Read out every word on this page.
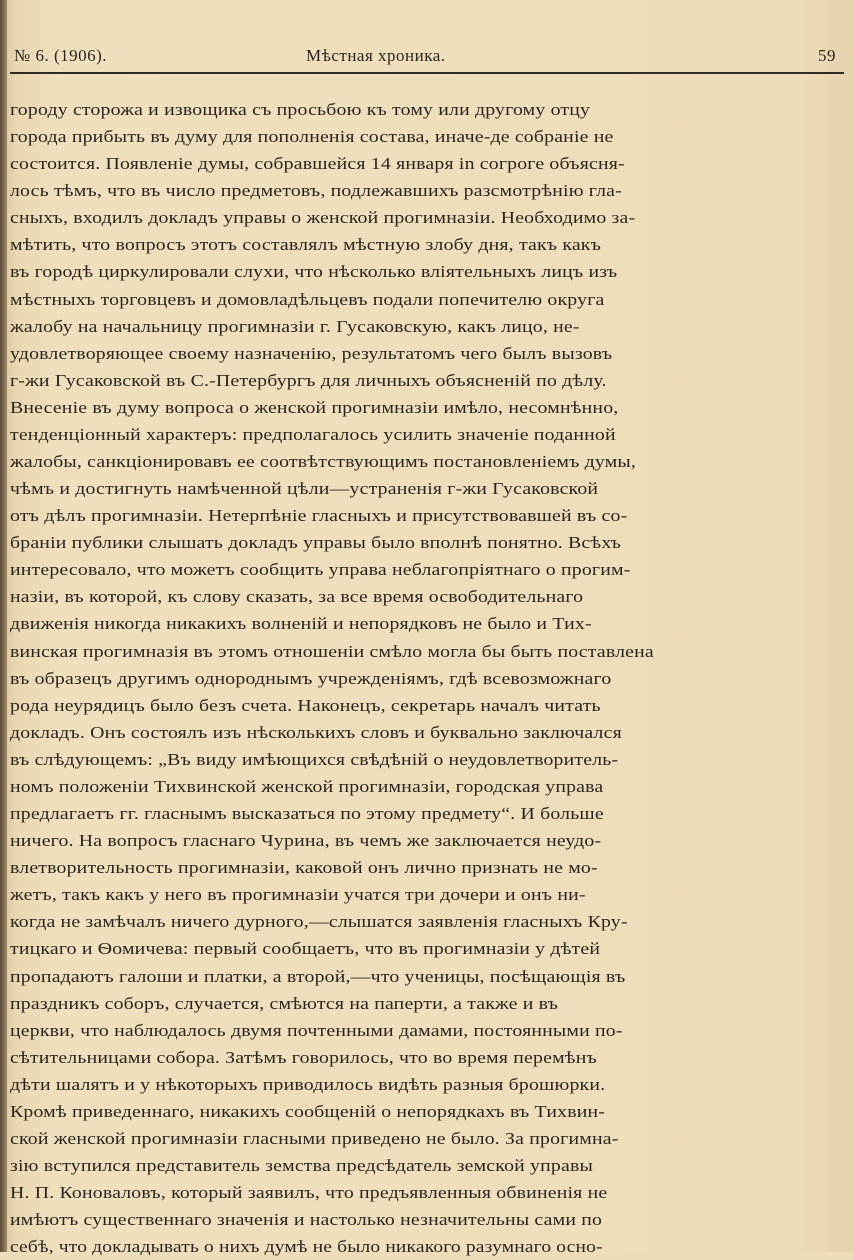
№ 6. (1906).	Мѣстная хроника.	59
городу сторожа и извощика съ просьбою къ тому или другому отцу
города прибыть въ думу для пополненія состава, иначе-де собраніе не
состоится. Появленіе думы, собравшейся 14 января in согроге объясня-
лось тѣмъ, что въ число предметовъ, подлежавшихъ разсмотрѣнію гла-
сныхъ, входилъ докладъ управы о женской прогимназіи. Необходимо за-
мѣтить, что вопросъ этотъ составлялъ мѣстную злобу дня, такъ какъ
въ городѣ циркулировали слухи, что нѣсколько вліятельныхъ лицъ изъ
мѣстныхъ торговцевъ и домовладѣльцевъ подали попечителю округа
жалобу на начальницу прогимназіи г. Гусаковскую, какъ лицо, не-
удовлетворяющее своему назначенію, результатомъ чего былъ вызовъ
г-жи Гусаковской въ С.-Петербургъ для личныхъ объясненій по дѣлу.
Внесеніе въ думу вопроса о женской прогимназіи имѣло, несомнѣнно,
тенденціонный характеръ: предполагалось усилить значеніе поданной
жалобы, санкціонировавъ ее соотвѣтствующимъ постановленіемъ думы,
чѣмъ и достигнуть намѣченной цѣли—устраненія г-жи Гусаковской
отъ дѣлъ прогимназіи. Нетерпѣніе гласныхъ и присутствовавшей въ со-
браніи публики слышать докладъ управы было вполнѣ понятно. Всѣхъ
интересовало, что можетъ сообщить управа неблагопріятнаго о прогим-
назіи, въ которой, къ слову сказать, за все время освободительнаго
движенія никогда никакихъ волненій и непорядковъ не было и Тих-
винская прогимназія въ этомъ отношеніи смѣло могла бы быть поставлена
въ образецъ другимъ однороднымъ учрежденіямъ, гдѣ всевозможнаго
рода неурядицъ было безъ счета. Наконецъ, секретарь началъ читать
докладъ. Онъ состоялъ изъ нѣсколькихъ словъ и буквально заключался
въ слѣдующемъ: „Въ виду имѣющихся свѣдѣній о неудовлетворитель-
номъ положеніи Тихвинской женской прогимназіи, городская управа
предлагаетъ гг. гласнымъ высказаться по этому предмету“. И больше
ничего. На вопросъ гласнаго Чурина, въ чемъ же заключается неудо-
влетворительность прогимназіи, каковой онъ лично признать не мо-
жетъ, такъ какъ у него въ прогимназіи учатся три дочери и онъ ни-
когда не замѣчалъ ничего дурного,—слышатся заявленія гласныхъ Кру-
тицкаго и Ѳомичева: первый сообщаетъ, что въ прогимназіи у дѣтей
пропадаютъ галоши и платки, а второй,—что ученицы, посѣщающія въ
праздникъ соборъ, случается, смѣются на паперти, а также и въ
церкви, что наблюдалось двумя почтенными дамами, постоянными по-
сѣтительницами собора. Затѣмъ говорилось, что во время перемѣнъ
дѣти шалятъ и у нѣкоторыхъ приводилось видѣть разныя брошюрки.
Кромѣ приведеннаго, никакихъ сообщеній о непорядкахъ въ Тихвин-
ской женской прогимназіи гласными приведено не было. За прогимна-
зію вступился представитель земства предсѣдатель земской управы
Н. П. Коноваловъ, который заявилъ, что предъявленныя обвиненія не
имѣютъ существеннаго значенія и настолько незначительны сами по
себѣ, что докладывать о нихъ думѣ не было никакого разумнаго осно-
